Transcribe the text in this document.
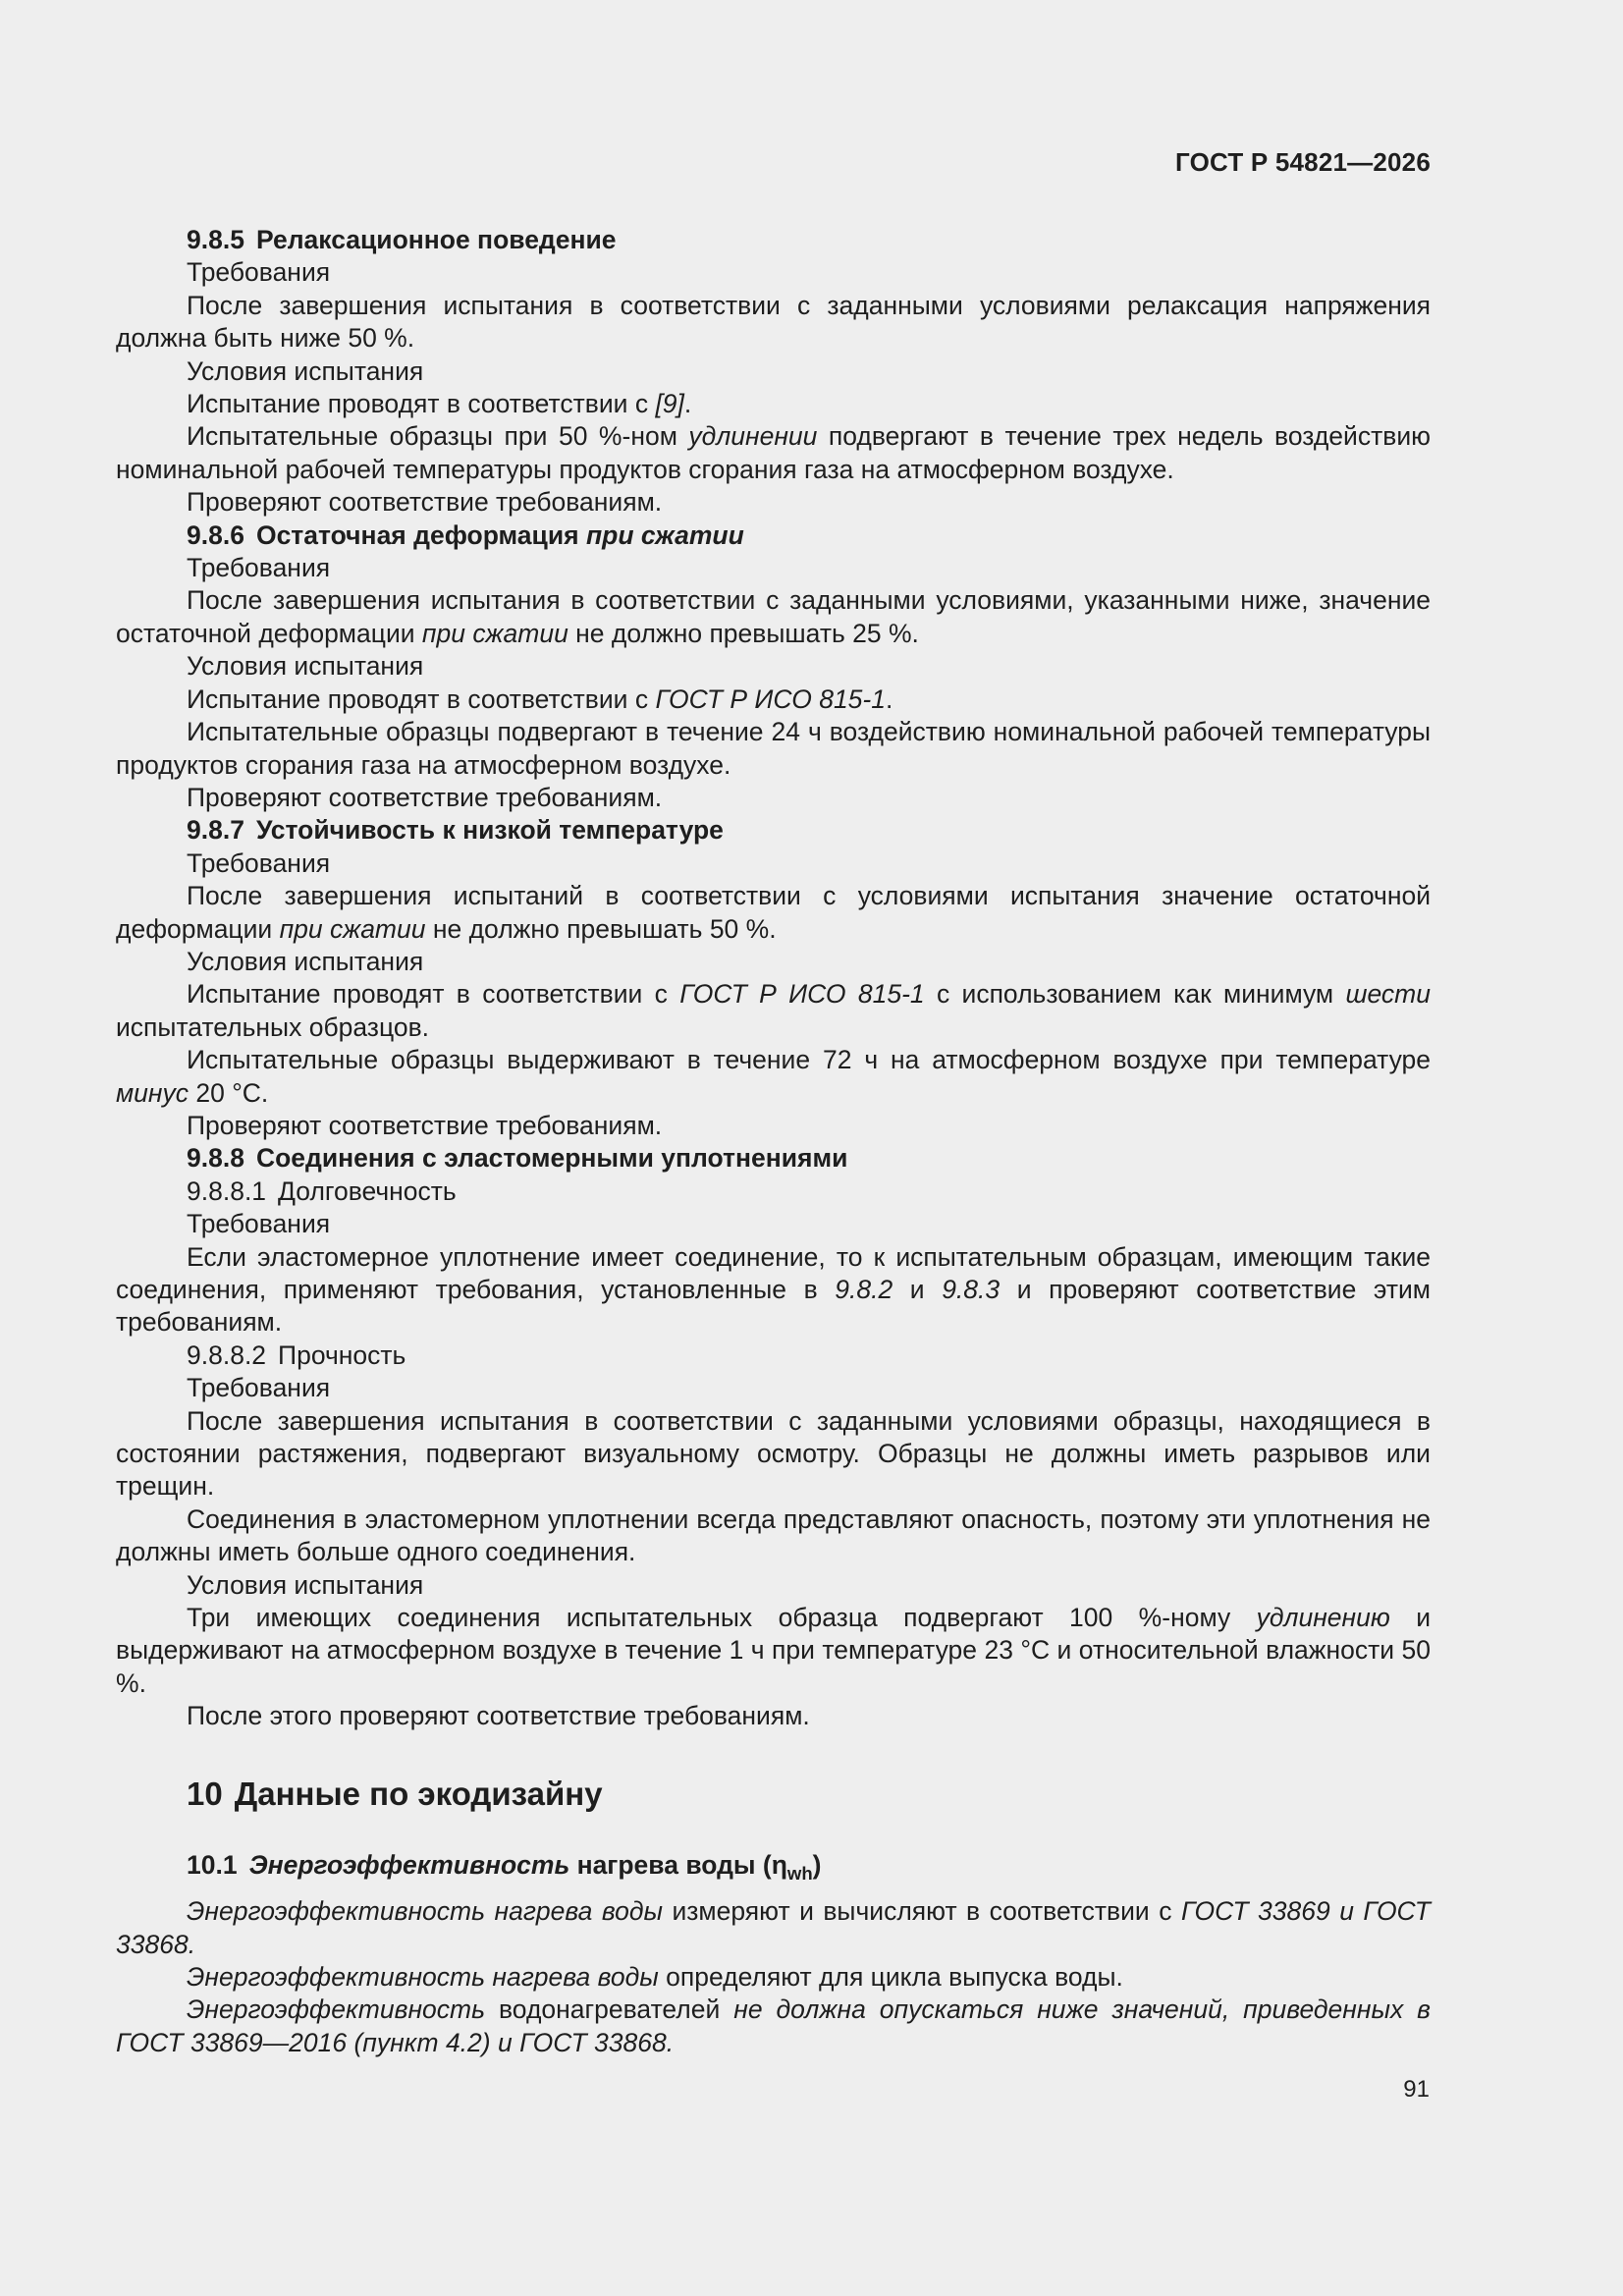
ГОСТ Р 54821—2026

9.8.5 Релаксационное поведение

Требования

После завершения испытания в соответствии с заданными условиями релаксация напряжения должна быть ниже 50 %.

Условия испытания

Испытание проводят в соответствии с [9].

Испытательные образцы при 50 %-ном удлинении подвергают в течение трех недель воздействию номинальной рабочей температуры продуктов сгорания газа на атмосферном воздухе.

Проверяют соответствие требованиям.

9.8.6 Остаточная деформация при сжатии

Требования

После завершения испытания в соответствии с заданными условиями, указанными ниже, значение остаточной деформации при сжатии не должно превышать 25 %.

Условия испытания

Испытание проводят в соответствии с ГОСТ Р ИСО 815-1.

Испытательные образцы подвергают в течение 24 ч воздействию номинальной рабочей температуры продуктов сгорания газа на атмосферном воздухе.

Проверяют соответствие требованиям.

9.8.7 Устойчивость к низкой температуре

Требования

После завершения испытаний в соответствии с условиями испытания значение остаточной деформации при сжатии не должно превышать 50 %.

Условия испытания

Испытание проводят в соответствии с ГОСТ Р ИСО 815-1 с использованием как минимум шести испытательных образцов.

Испытательные образцы выдерживают в течение 72 ч на атмосферном воздухе при температуре минус 20 °С.

Проверяют соответствие требованиям.

9.8.8 Соединения с эластомерными уплотнениями

9.8.8.1 Долговечность

Требования

Если эластомерное уплотнение имеет соединение, то к испытательным образцам, имеющим такие соединения, применяют требования, установленные в 9.8.2 и 9.8.3 и проверяют соответствие этим требованиям.

9.8.8.2 Прочность

Требования

После завершения испытания в соответствии с заданными условиями образцы, находящиеся в состоянии растяжения, подвергают визуальному осмотру. Образцы не должны иметь разрывов или трещин.

Соединения в эластомерном уплотнении всегда представляют опасность, поэтому эти уплотнения не должны иметь больше одного соединения.

Условия испытания

Три имеющих соединения испытательных образца подвергают 100 %-ному удлинению и выдерживают на атмосферном воздухе в течение 1 ч при температуре 23 °С и относительной влажности 50 %.

После этого проверяют соответствие требованиям.

10 Данные по экодизайну

10.1 Энергоэффективность нагрева воды $(\eta_{wh})$

Энергоэффективность нагрева воды измеряют и вычисляют в соответствии с ГОСТ 33869 и ГОСТ 33868.

Энергоэффективность нагрева воды определяют для цикла выпуска воды.

Энергоэффективность водонагревателей не должна опускаться ниже значений, приведенных в ГОСТ 33869—2016 (пункт 4.2) и ГОСТ 33868.

91
